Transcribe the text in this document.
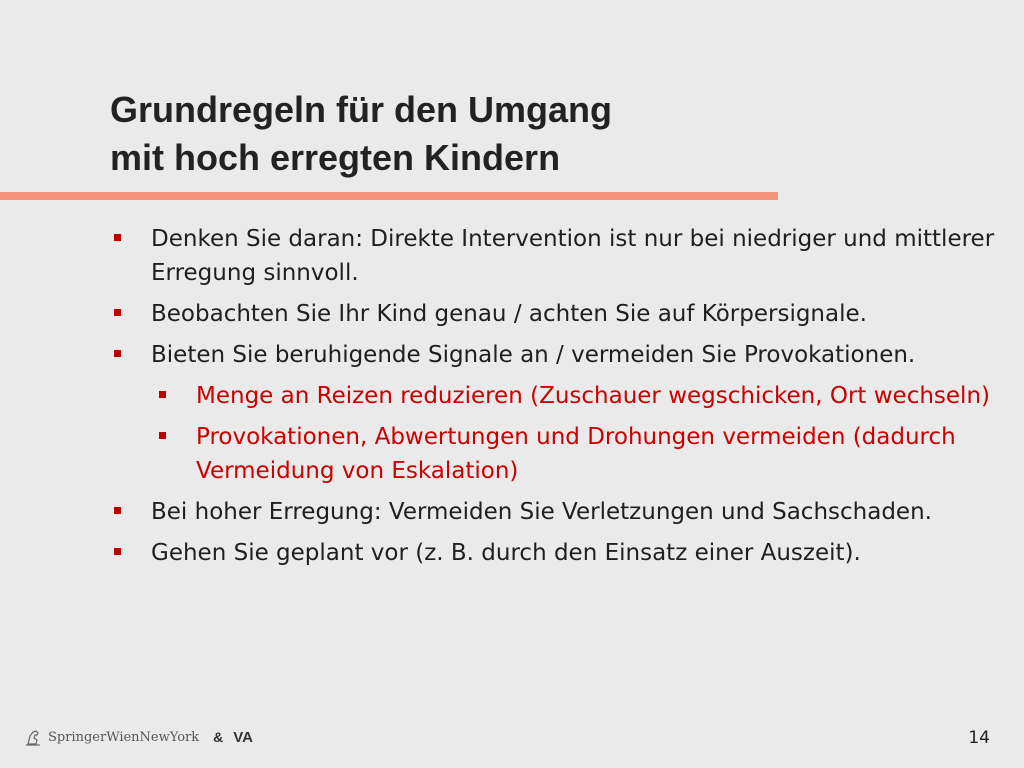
Grundregeln für den Umgang
mit hoch erregten Kindern
Denken Sie daran: Direkte Intervention ist nur bei niedriger und mittlerer Erregung sinnvoll.
Beobachten Sie Ihr Kind genau / achten Sie auf Körpersignale.
Bieten Sie beruhigende Signale an / vermeiden Sie Provokationen.
Menge an Reizen reduzieren (Zuschauer wegschicken, Ort wechseln)
Provokationen, Abwertungen und Drohungen vermeiden (dadurch Vermeidung von Eskalation)
Bei hoher Erregung: Vermeiden Sie Verletzungen und Sachschaden.
Gehen Sie geplant vor (z. B. durch den Einsatz einer Auszeit).
SpringerWienNewYork & VA	14
